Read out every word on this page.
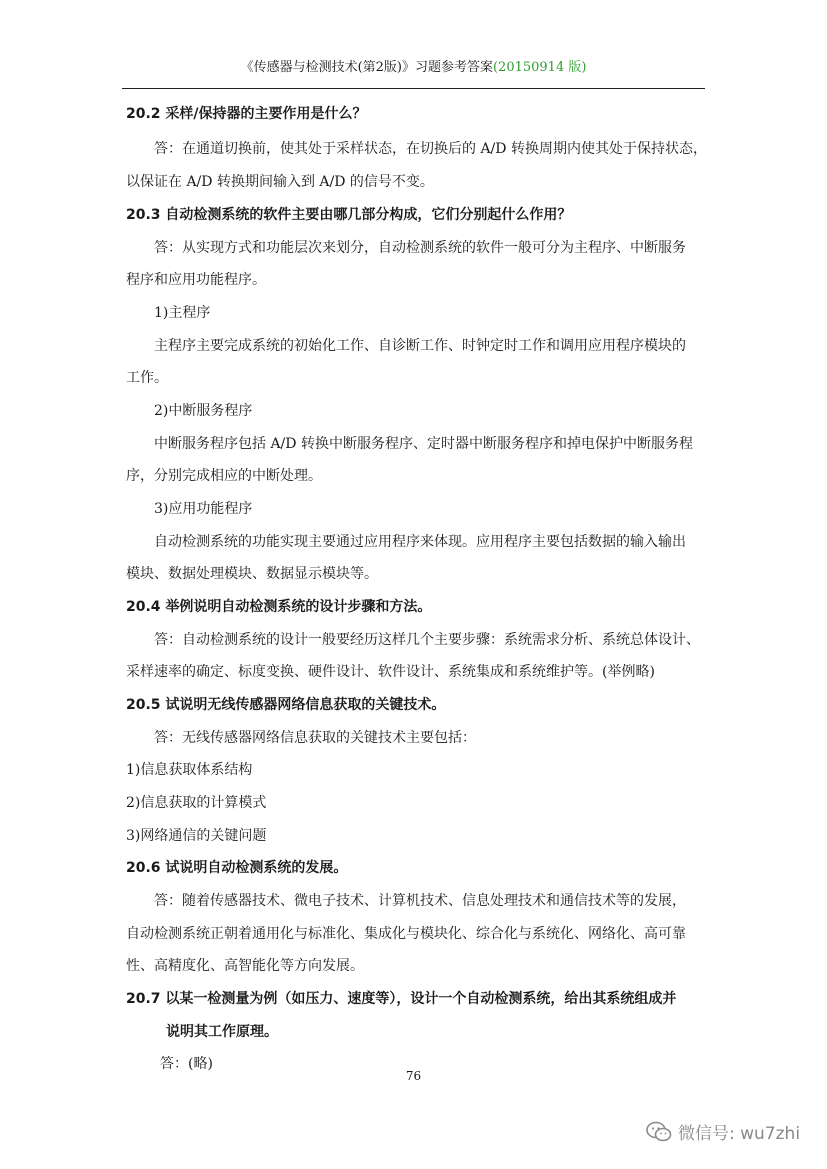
《传感器与检测技术(第2版)》习题参考答案(20150914 版)
20.2 采样/保持器的主要作用是什么？
答：在通道切换前，使其处于采样状态，在切换后的 A/D 转换周期内使其处于保持状态，
以保证在 A/D 转换期间输入到 A/D 的信号不变。
20.3 自动检测系统的软件主要由哪几部分构成，它们分别起什么作用？
答：从实现方式和功能层次来划分，自动检测系统的软件一般可分为主程序、中断服务
程序和应用功能程序。
1)主程序
主程序主要完成系统的初始化工作、自诊断工作、时钟定时工作和调用应用程序模块的
工作。
2)中断服务程序
中断服务程序包括 A/D 转换中断服务程序、定时器中断服务程序和掉电保护中断服务程
序，分别完成相应的中断处理。
3)应用功能程序
自动检测系统的功能实现主要通过应用程序来体现。应用程序主要包括数据的输入输出
模块、数据处理模块、数据显示模块等。
20.4 举例说明自动检测系统的设计步骤和方法。
答：自动检测系统的设计一般要经历这样几个主要步骤：系统需求分析、系统总体设计、
采样速率的确定、标度变换、硬件设计、软件设计、系统集成和系统维护等。(举例略)
20.5 试说明无线传感器网络信息获取的关键技术。
答：无线传感器网络信息获取的关键技术主要包括：
1)信息获取体系结构
2)信息获取的计算模式
3)网络通信的关键问题
20.6 试说明自动检测系统的发展。
答：随着传感器技术、微电子技术、计算机技术、信息处理技术和通信技术等的发展，
自动检测系统正朝着通用化与标准化、集成化与模块化、综合化与系统化、网络化、高可靠
性、高精度化、高智能化等方向发展。
20.7 以某一检测量为例（如压力、速度等），设计一个自动检测系统，给出其系统组成并
说明其工作原理。
答：(略)
76
微信号: wu7zhi
